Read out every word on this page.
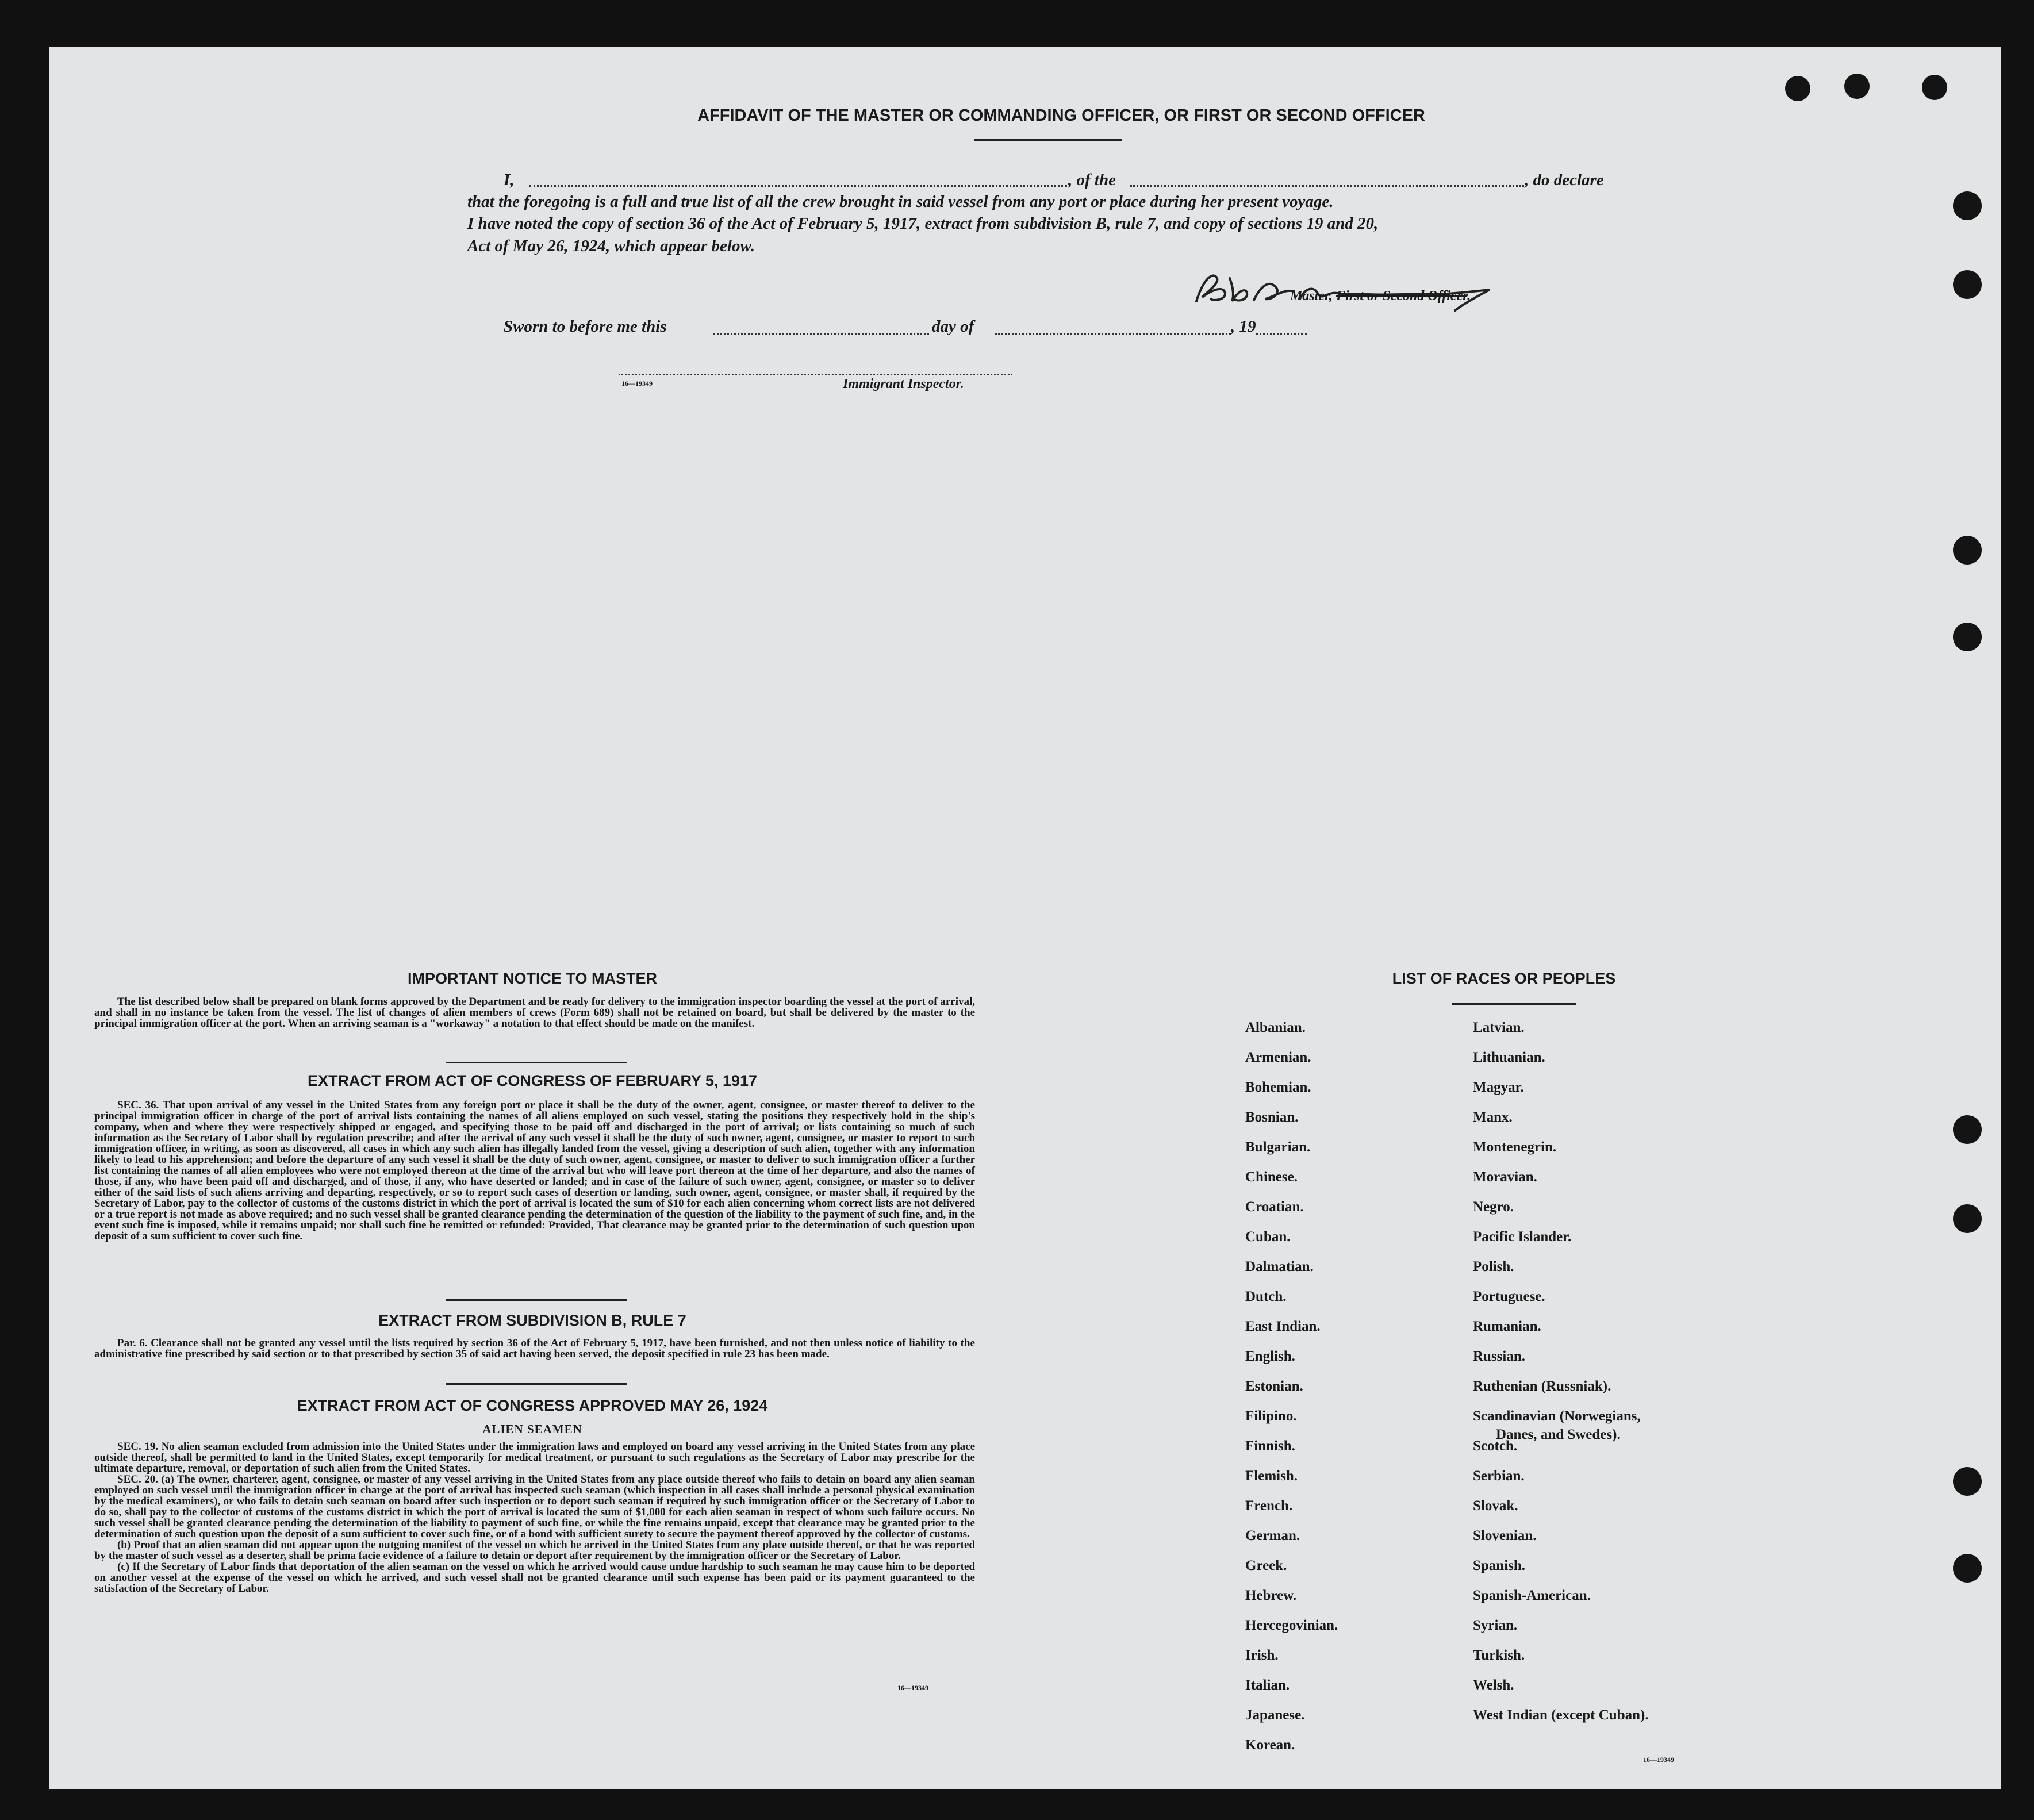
AFFIDAVIT OF THE MASTER OR COMMANDING OFFICER, OR FIRST OR SECOND OFFICER
I,	, of the	, do declare
that the foregoing is a full and true list of all the crew brought in said vessel from any port or place during her present voyage.
I have noted the copy of section 36 of the Act of February 5, 1917, extract from subdivision B, rule 7, and copy of sections 19 and 20,
Act of May 26, 1924, which appear below.
Master, First or Second Officer.
Sworn to before me this	day of	, 19
16—19349	Immigrant Inspector.
IMPORTANT NOTICE TO MASTER
The list described below shall be prepared on blank forms approved by the Department and be ready for delivery to the immigration inspector boarding the vessel at the port of arrival, and shall in no instance be taken from the vessel. The list of changes of alien members of crews (Form 689) shall not be retained on board, but shall be delivered by the master to the principal immigration officer at the port. When an arriving seaman is a "workaway" a notation to that effect should be made on the manifest.
EXTRACT FROM ACT OF CONGRESS OF FEBRUARY 5, 1917
SEC. 36. That upon arrival of any vessel in the United States from any foreign port or place it shall be the duty of the owner, agent, consignee, or master thereof to deliver to the principal immigration officer in charge of the port of arrival lists containing the names of all aliens employed on such vessel, stating the positions they respectively hold in the ship's company, when and where they were respectively shipped or engaged, and specifying those to be paid off and discharged in the port of arrival; or lists containing so much of such information as the Secretary of Labor shall by regulation prescribe; and after the arrival of any such vessel it shall be the duty of such owner, agent, consignee, or master to report to such immigration officer, in writing, as soon as discovered, all cases in which any such alien has illegally landed from the vessel, giving a description of such alien, together with any information likely to lead to his apprehension; and before the departure of any such vessel it shall be the duty of such owner, agent, consignee, or master to deliver to such immigration officer a further list containing the names of all alien employees who were not employed thereon at the time of the arrival but who will leave port thereon at the time of her departure, and also the names of those, if any, who have been paid off and discharged, and of those, if any, who have deserted or landed; and in case of the failure of such owner, agent, consignee, or master so to deliver either of the said lists of such aliens arriving and departing, respectively, or so to report such cases of desertion or landing, such owner, agent, consignee, or master shall, if required by the Secretary of Labor, pay to the collector of customs of the customs district in which the port of arrival is located the sum of $10 for each alien concerning whom correct lists are not delivered or a true report is not made as above required; and no such vessel shall be granted clearance pending the determination of the question of the liability to the payment of such fine, and, in the event such fine is imposed, while it remains unpaid; nor shall such fine be remitted or refunded: Provided, That clearance may be granted prior to the determination of such question upon deposit of a sum sufficient to cover such fine.
EXTRACT FROM SUBDIVISION B, RULE 7
Par. 6. Clearance shall not be granted any vessel until the lists required by section 36 of the Act of February 5, 1917, have been furnished, and not then unless notice of liability to the administrative fine prescribed by said section or to that prescribed by section 35 of said act having been served, the deposit specified in rule 23 has been made.
EXTRACT FROM ACT OF CONGRESS APPROVED MAY 26, 1924
ALIEN SEAMEN
SEC. 19. No alien seaman excluded from admission into the United States under the immigration laws and employed on board any vessel arriving in the United States from any place outside thereof, shall be permitted to land in the United States, except temporarily for medical treatment, or pursuant to such regulations as the Secretary of Labor may prescribe for the ultimate departure, removal, or deportation of such alien from the United States.
SEC. 20. (a) The owner, charterer, agent, consignee, or master of any vessel arriving in the United States from any place outside thereof who fails to detain on board any alien seaman employed on such vessel until the immigration officer in charge at the port of arrival has inspected such seaman (which inspection in all cases shall include a personal physical examination by the medical examiners), or who fails to detain such seaman on board after such inspection or to deport such seaman if required by such immigration officer or the Secretary of Labor to do so, shall pay to the collector of customs of the customs district in which the port of arrival is located the sum of $1,000 for each alien seaman in respect of whom such failure occurs. No such vessel shall be granted clearance pending the determination of the liability to payment of such fine, or while the fine remains unpaid, except that clearance may be granted prior to the determination of such question upon the deposit of a sum sufficient to cover such fine, or of a bond with sufficient surety to secure the payment thereof approved by the collector of customs.
(b) Proof that an alien seaman did not appear upon the outgoing manifest of the vessel on which he arrived in the United States from any place outside thereof, or that he was reported by the master of such vessel as a deserter, shall be prima facie evidence of a failure to detain or deport after requirement by the immigration officer or the Secretary of Labor.
(c) If the Secretary of Labor finds that deportation of the alien seaman on the vessel on which he arrived would cause undue hardship to such seaman he may cause him to be deported on another vessel at the expense of the vessel on which he arrived, and such vessel shall not be granted clearance until such expense has been paid or its payment guaranteed to the satisfaction of the Secretary of Labor.
16—19349
LIST OF RACES OR PEOPLES
16—19349
Albanian.
Armenian.
Bohemian.
Bosnian.
Bulgarian.
Chinese.
Croatian.
Cuban.
Dalmatian.
Dutch.
East Indian.
English.
Estonian.
Filipino.
Finnish.
Flemish.
French.
German.
Greek.
Hebrew.
Hercegovinian.
Irish.
Italian.
Japanese.
Korean.
Latvian.
Lithuanian.
Magyar.
Manx.
Montenegrin.
Moravian.
Negro.
Pacific Islander.
Polish.
Portuguese.
Rumanian.
Russian.
Ruthenian (Russniak).
Scandinavian (Norwegians,
Danes, and Swedes).
Scotch.
Serbian.
Slovak.
Slovenian.
Spanish.
Spanish-American.
Syrian.
Turkish.
Welsh.
West Indian (except Cuban).
